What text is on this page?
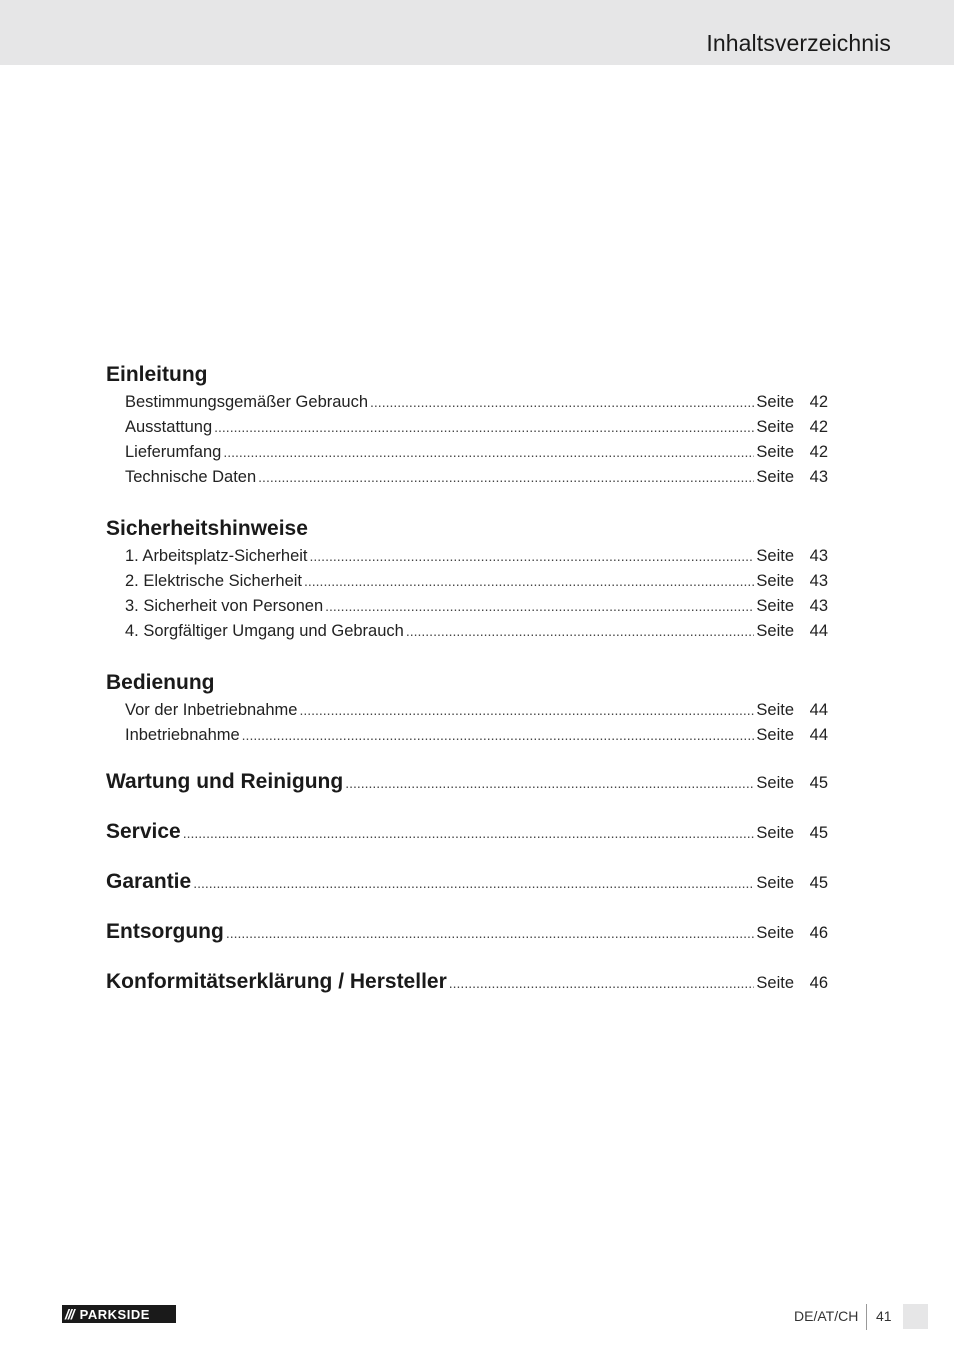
Inhaltsverzeichnis
Einleitung
Bestimmungsgemäßer Gebrauch .....	Seite 42
Ausstattung .....	Seite 42
Lieferumfang .....	Seite 42
Technische Daten .....	Seite 43
Sicherheitshinweise
1. Arbeitsplatz-Sicherheit .....	Seite 43
2. Elektrische Sicherheit .....	Seite 43
3. Sicherheit von Personen .....	Seite 43
4. Sorgfältiger Umgang und Gebrauch .....	Seite 44
Bedienung
Vor der Inbetriebnahme .....	Seite 44
Inbetriebnahme .....	Seite 44
Wartung und Reinigung .....	Seite 45
Service .....	Seite 45
Garantie .....	Seite 45
Entsorgung .....	Seite 46
Konformitätserklärung / Hersteller .....	Seite 46
/// PARKSIDE	DE/AT/CH 41
